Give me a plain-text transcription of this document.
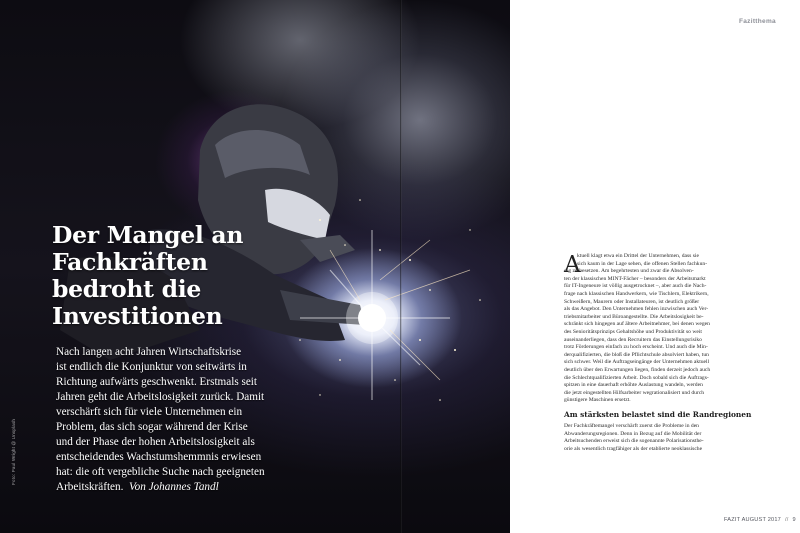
Der Mangel an
Fachkräften
bedroht die
Investitionen

Nach langen acht Jahren Wirtschaftskrise
ist endlich die Konjunktur von seitwärts in
Richtung aufwärts geschwenkt. Erstmals seit
Jahren geht die Arbeitslosigkeit zurück. Damit
verschärft sich für viele Unternehmen ein
Problem, das sich sogar während der Krise
und der Phase der hohen Arbeitslosigkeit als
entscheidendes Wachstumshemmnis erwiesen
hat: die oft vergebliche Suche nach geeigneten
Arbeitskräften. Von Johannes Tandl

Foto: Paul Wright @ Unsplash
Fazitthema
A
ktuell klagt etwa ein Drittel der Unternehmen, dass sie
sich kaum in der Lage sehen, die offenen Stellen fachkun-
dig zu besetzen. Am begehrtesten und zwar die Absolven-
ten der klassischen MINT-Fächer – besonders der Arbeitsmarkt
für IT-Ingeneure ist völlig ausgetrocknet –, aber auch die Nach-
frage nach klassischen Handwerkern, wie Tischlern, Elektrikern,
Schweißern, Maurern oder Installateuren, ist deutlich größer
als das Angebot. Den Unternehmen fehlen inzwischen auch Ver-
triebsmitarbeiter und Büroangestellte. Die Arbeitslosigkeit be-
schränkt sich hingegen auf ältere Arbeitnehmer, bei denen wegen
des Senioritätsprinzips Gehaltshöhe und Produktivität so weit
auseinanderliegen, dass den Recruitern das Einstellungsrisiko
trotz Förderungen einfach zu hoch erscheint. Und auch die Min-
derqualifizierten, die bloß die Pflichtschule absolviert haben, tun
sich schwer. Weil die Auftragseingänge der Unternehmen aktuell
deutlich über den Erwartungen liegen, finden derzeit jedoch auch
die Schlechtqualifizierten Arbeit. Doch sobald sich die Auftrags-
spitzen in eine dauerhaft erhöhte Auslastung wandeln, werden
die jetzt eingestellten Hilfsarbeiter wegrationalisiert und durch
günstigere Maschinen ersetzt.
Am stärksten belastet sind die Randregionen
Der Fachkräftemangel verschärft zuerst die Probleme in den
Abwanderungsregionen. Denn in Bezug auf die Mobilität der
Arbeitsuchenden erweist sich die sogenannte Polarisationsthe-
orie als wesentlich tragfähiger als der etablierte neoklassische
FAZIT AUGUST 2017 // 9
